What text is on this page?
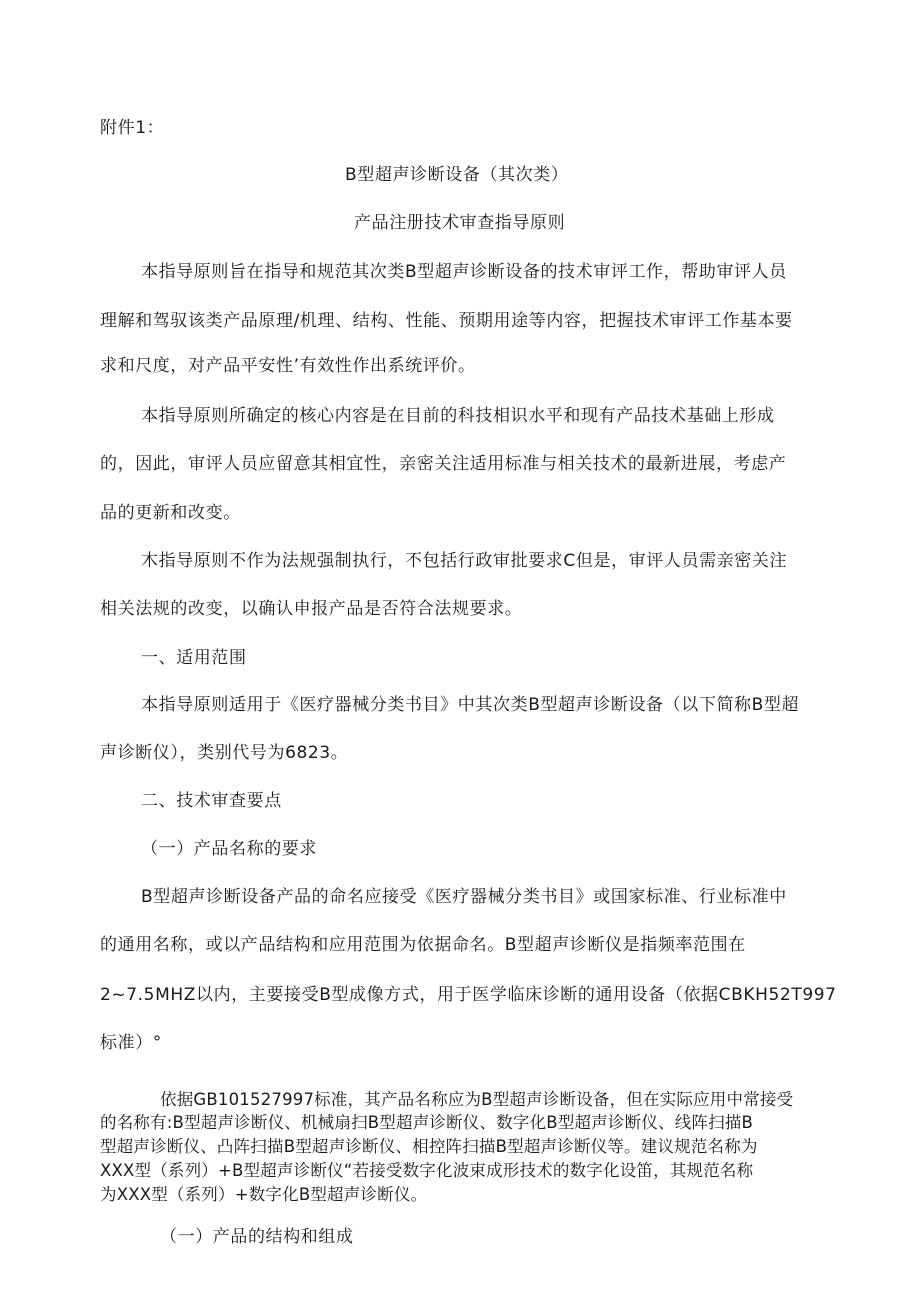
附件1：
B型超声诊断设备（其次类）
产品注册技术审查指导原则
本指导原则旨在指导和规范其次类B型超声诊断设备的技术审评工作，帮助审评人员
理解和驾驭该类产品原理/机理、结构、性能、预期用途等内容，把握技术审评工作基本要
求和尺度，对产品平安性’有效性作出系统评价。
本指导原则所确定的核心内容是在目前的科技相识水平和现有产品技术基础上形成
的，因此，审评人员应留意其相宜性，亲密关注适用标准与相关技术的最新进展，考虑产
品的更新和改变。
木指导原则不作为法规强制执行，不包括行政审批要求C但是，审评人员需亲密关注
相关法规的改变，以确认申报产品是否符合法规要求。
一、适用范围
本指导原则适用于《医疗器械分类书目》中其次类B型超声诊断设备（以下简称B型超
声诊断仪），类别代号为6823。
二、技术审查要点
（一）产品名称的要求
B型超声诊断设备产品的命名应接受《医疗器械分类书目》或国家标准、行业标准中
的通用名称，或以产品结构和应用范围为依据命名。B型超声诊断仪是指频率范围在
2~7.5MHZ以内，主要接受B型成像方式，用于医学临床诊断的通用设备（依据CBKH52T997
标准）°
依据GB101527997标准，其产品名称应为B型超声诊断设备，但在实际应用中常接受
的名称有:B型超声诊断仪、机械扇扫B型超声诊断仪、数字化B型超声诊断仪、线阵扫描B
型超声诊断仪、凸阵扫描B型超声诊断仪、相控阵扫描B型超声诊断仪等。建议规范名称为
XXX型（系列）+B型超声诊断仪“若接受数字化波束成形技术的数字化设笛，其规范名称
为XXX型（系列）+数字化B型超声诊断仪。
（一）产品的结构和组成
